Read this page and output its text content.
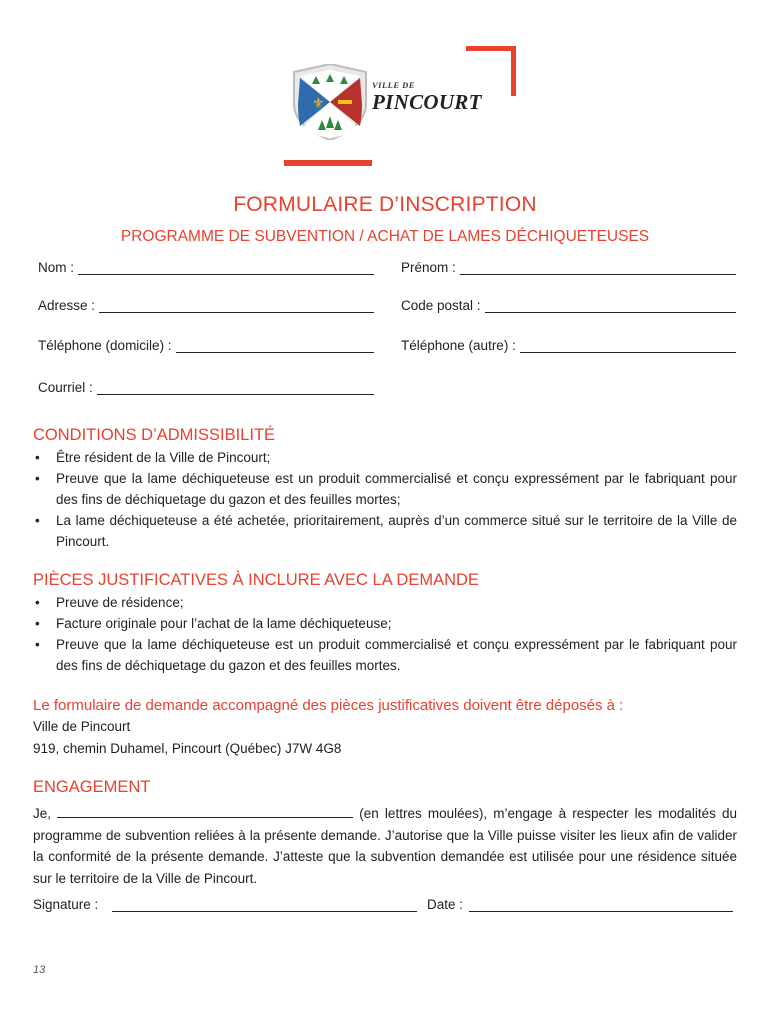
⚜
VILLE DE
PINCOURT
FORMULAIRE D’INSCRIPTION
PROGRAMME DE SUBVENTION / ACHAT DE LAMES DÉCHIQUETEUSES
Nom :	Prénom :
Adresse :	Code postal :
Téléphone (domicile) :	Téléphone (autre) :
Courriel :
CONDITIONS D’ADMISSIBILITÉ
• Être résident de la Ville de Pincourt;
• Preuve que la lame déchiqueteuse est un produit commercialisé et conçu expressément par le fabriquant pour des fins de déchiquetage du gazon et des feuilles mortes;
• La lame déchiqueteuse a été achetée, prioritairement, auprès d’un commerce situé sur le territoire de la Ville de Pincourt.
PIÈCES JUSTIFICATIVES À INCLURE AVEC LA DEMANDE
• Preuve de résidence;
• Facture originale pour l’achat de la lame déchiqueteuse;
• Preuve que la lame déchiqueteuse est un produit commercialisé et conçu expressément par le fabriquant pour des fins de déchiquetage du gazon et des feuilles mortes.
Le formulaire de demande accompagné des pièces justificatives doivent être déposés à :
Ville de Pincourt
919, chemin Duhamel, Pincourt (Québec) J7W 4G8
ENGAGEMENT
Je,	(en lettres moulées), m’engage à respecter les modalités du programme de subvention reliées à la présente demande. J’autorise que la Ville puisse visiter les lieux afin de valider la conformité de la présente demande. J’atteste que la subvention demandée est utilisée pour une résidence située sur le territoire de la Ville de Pincourt.
Signature :	Date :
13
